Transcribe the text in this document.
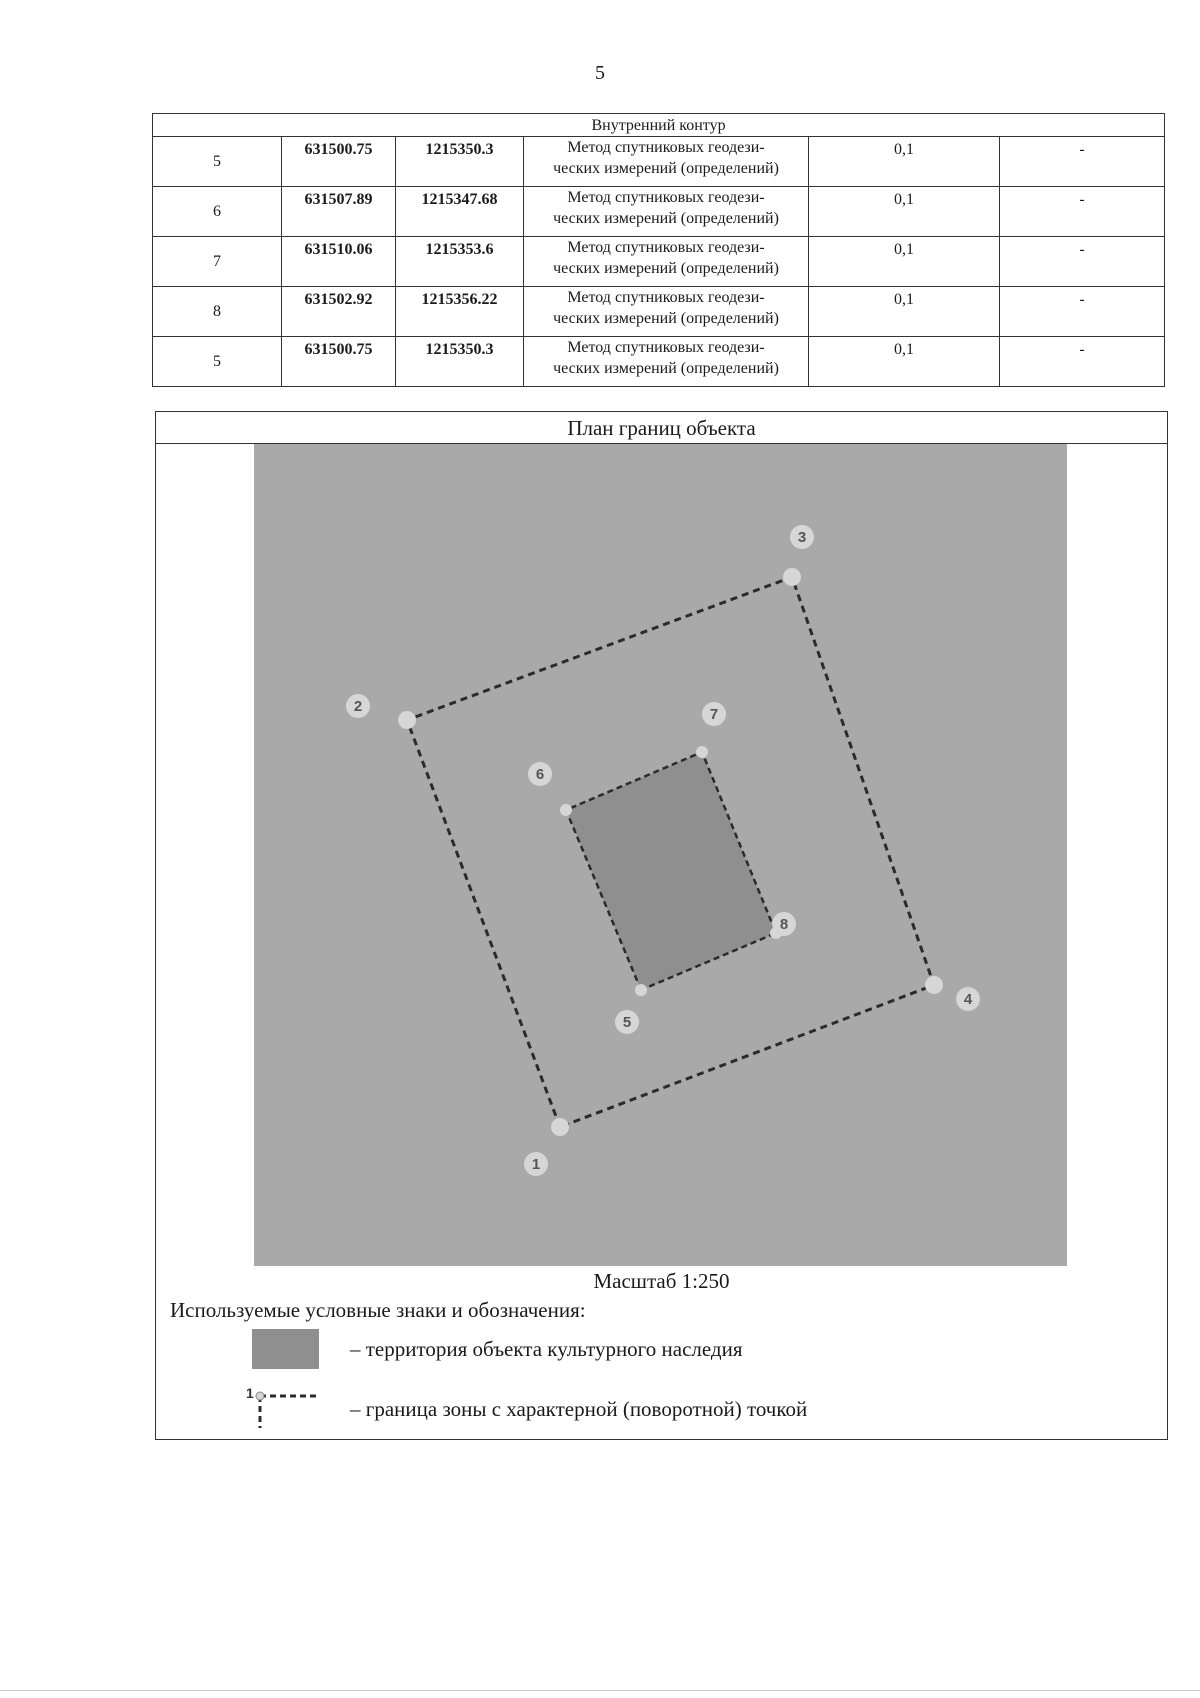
5
Внутренний контур					
5	631500.75	1215350.3	Метод спутниковых геодези-
ческих измерений (определений)	0,1	-
6	631507.89	1215347.68	Метод спутниковых геодези-
ческих измерений (определений)	0,1	-
7	631510.06	1215353.6	Метод спутниковых геодези-
ческих измерений (определений)	0,1	-
8	631502.92	1215356.22	Метод спутниковых геодези-
ческих измерений (определений)	0,1	-
5	631500.75	1215350.3	Метод спутниковых геодези-
ческих измерений (определений)	0,1	-
План границ объекта
1
2
3
4
5
6
7
8
Масштаб 1:250
Используемые условные знаки и обозначения:
– территория объекта культурного наследия
1
– граница зоны с характерной (поворотной) точкой
